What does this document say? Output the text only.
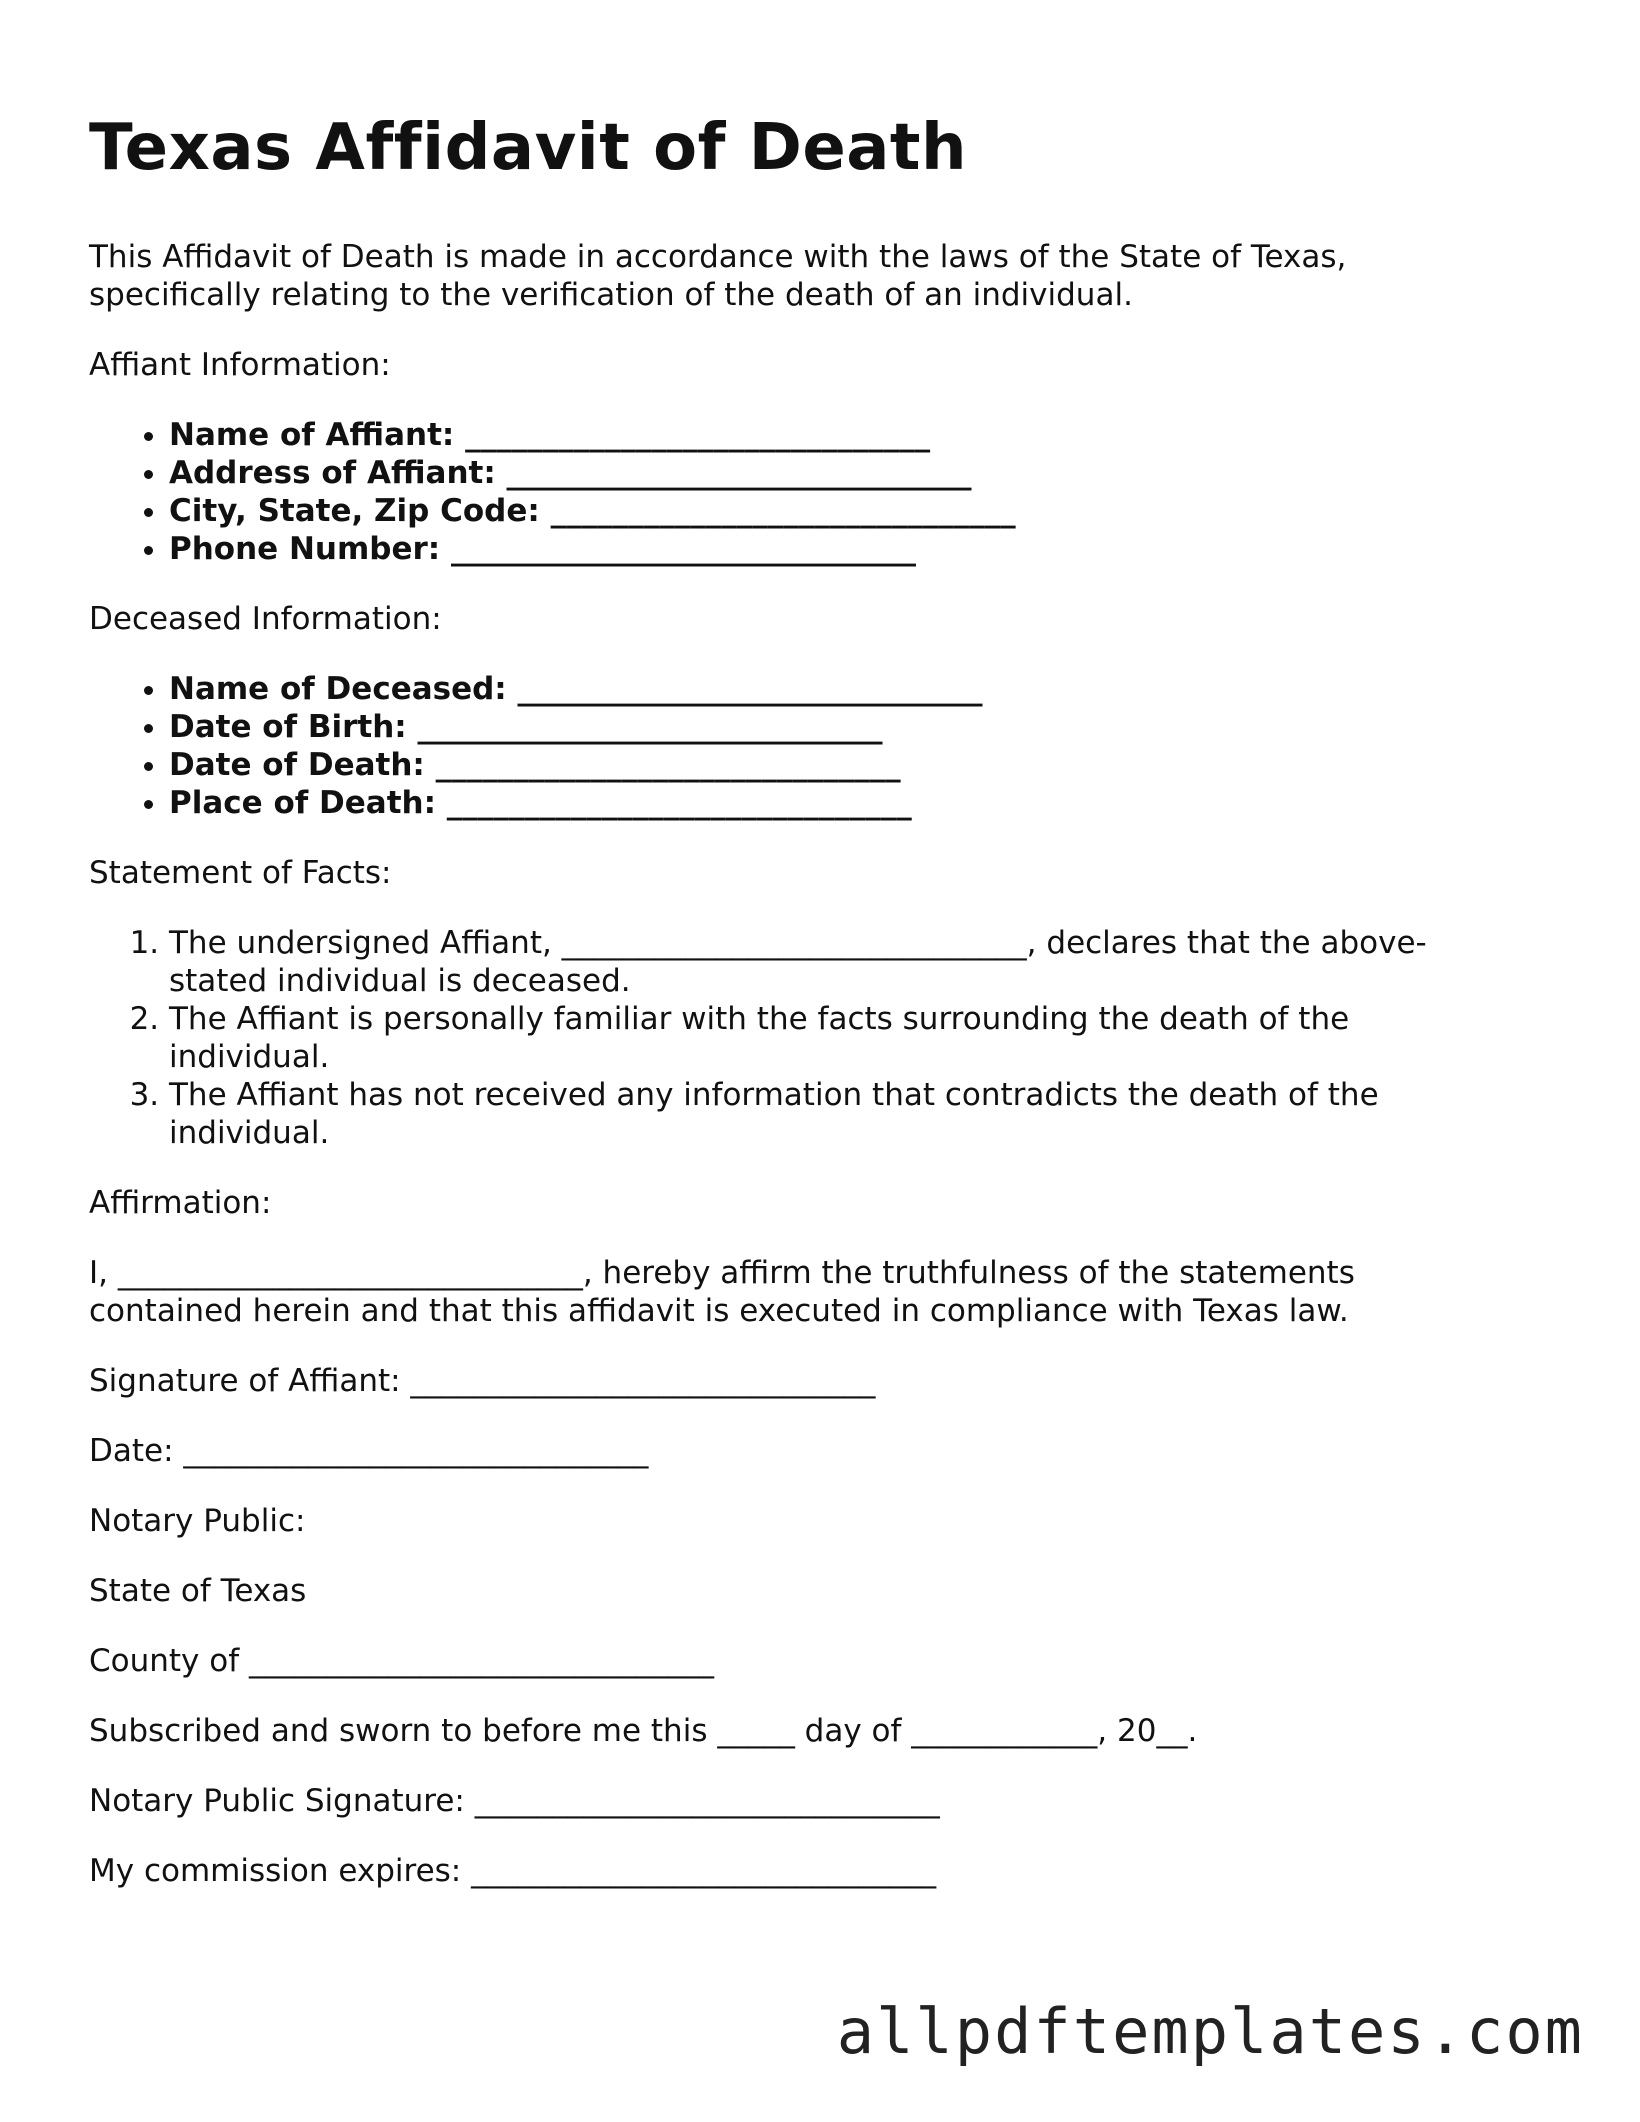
Texas Affidavit of Death

This Affidavit of Death is made in accordance with the laws of the State of Texas, specifically relating to the verification of the death of an individual.

Affiant Information:

• Name of Affiant: ______________________________
• Address of Affiant: ______________________________
• City, State, Zip Code: ______________________________
• Phone Number: ______________________________

Deceased Information:

• Name of Deceased: ______________________________
• Date of Birth: ______________________________
• Date of Death: ______________________________
• Place of Death: ______________________________

Statement of Facts:

1. The undersigned Affiant, ______________________________, declares that the above-stated individual is deceased.
2. The Affiant is personally familiar with the facts surrounding the death of the individual.
3. The Affiant has not received any information that contradicts the death of the individual.

Affirmation:

I, ______________________________, hereby affirm the truthfulness of the statements contained herein and that this affidavit is executed in compliance with Texas law.

Signature of Affiant: ______________________________

Date: ______________________________

Notary Public:

State of Texas

County of ______________________________

Subscribed and sworn to before me this _____ day of ____________, 20__.

Notary Public Signature: ______________________________

My commission expires: ______________________________

allpdftemplates.com
